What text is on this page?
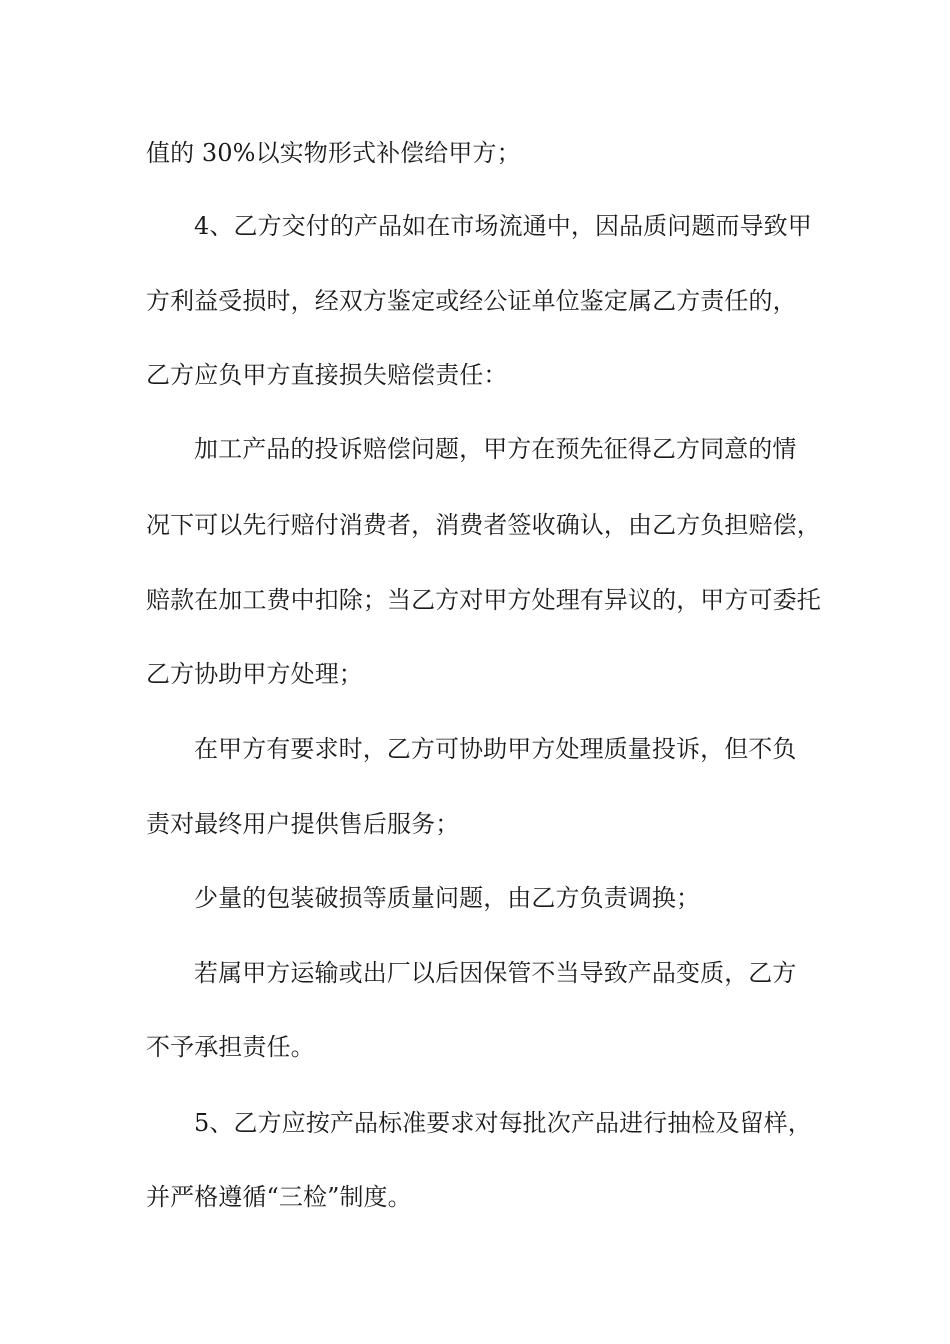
值的 30%以实物形式补偿给甲方；
4、乙方交付的产品如在市场流通中，因品质问题而导致甲
方利益受损时，经双方鉴定或经公证单位鉴定属乙方责任的，
乙方应负甲方直接损失赔偿责任：
加工产品的投诉赔偿问题，甲方在预先征得乙方同意的情
况下可以先行赔付消费者，消费者签收确认，由乙方负担赔偿，
赔款在加工费中扣除；当乙方对甲方处理有异议的，甲方可委托
乙方协助甲方处理；
在甲方有要求时，乙方可协助甲方处理质量投诉，但不负
责对最终用户提供售后服务；
少量的包装破损等质量问题，由乙方负责调换；
若属甲方运输或出厂以后因保管不当导致产品变质，乙方
不予承担责任。
5、乙方应按产品标准要求对每批次产品进行抽检及留样，
并严格遵循“三检”制度。
